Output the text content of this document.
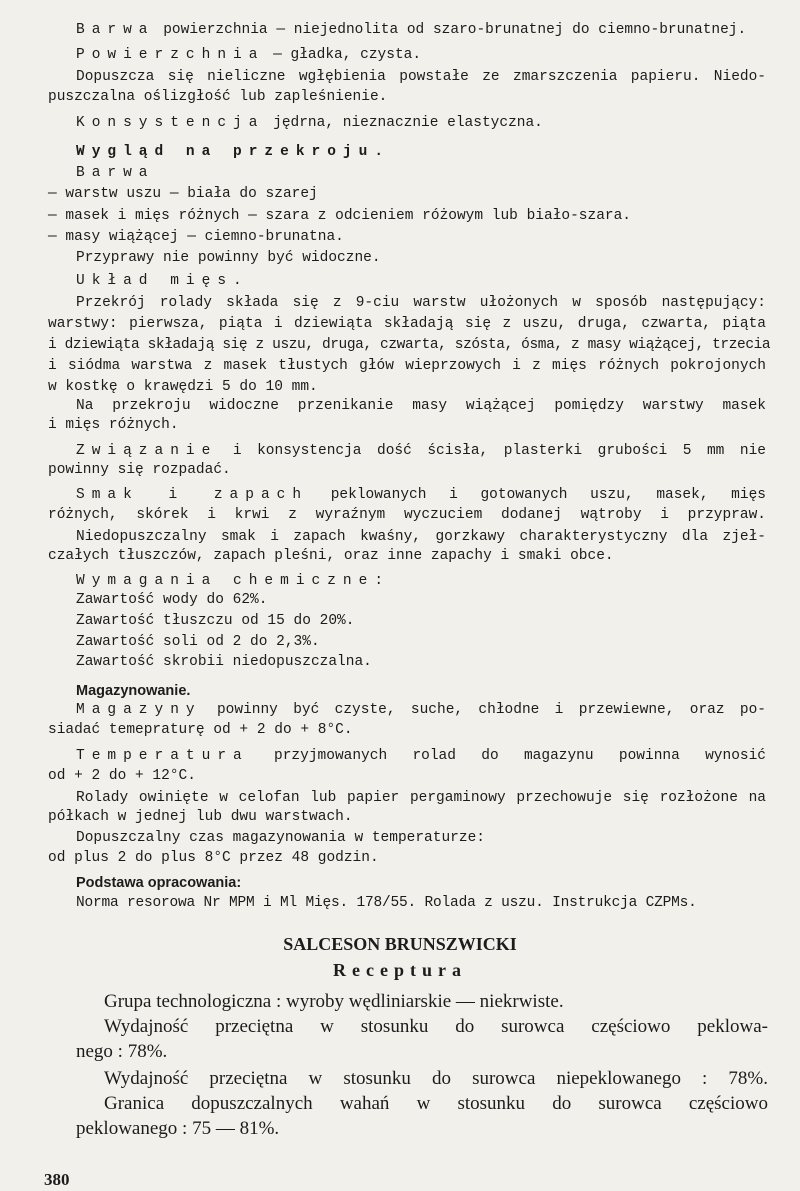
Barwa powierzchnia — niejednolita od szaro-brunatnej do ciemno-brunatnej.
Powierzchnia — gładka, czysta.
Dopuszcza się nieliczne wgłębienia powstałe ze zmarszczenia papieru. Niedo-
puszczalna oślizgłość lub zapleśnienie.
Konsystencja jędrna, nieznacznie elastyczna.
Wygląd na przekroju.
Barwa
— warstw uszu — biała do szarej
— masek i mięs różnych — szara z odcieniem różowym lub biało-szara.
— masy wiążącej — ciemno-brunatna.
Przyprawy nie powinny być widoczne.
Układ mięs.
Przekrój rolady składa się z 9-ciu warstw ułożonych w sposób następujący:
warstwy: pierwsza, piąta i dziewiąta składają się z uszu, druga, czwarta, piąta
i dziewiąta składają się z uszu, druga, czwarta, szósta, ósma, z masy wiążącej, trzecia
i siódma warstwa z masek tłustych głów wieprzowych i z mięs różnych pokrojonych
w kostkę o krawędzi 5 do 10 mm.
Na przekroju widoczne przenikanie masy wiążącej pomiędzy warstwy masek
i mięs różnych.
Związanie i konsystencja dość ścisła, plasterki grubości 5 mm nie
powinny się rozpadać.
Smak i zapach peklowanych i gotowanych uszu, masek, mięs
różnych, skórek i krwi z wyraźnym wyczuciem dodanej wątroby i przypraw.
Niedopuszczalny smak i zapach kwaśny, gorzkawy charakterystyczny dla zjeł-
czałych tłuszczów, zapach pleśni, oraz inne zapachy i smaki obce.
Wymagania chemiczne:
Zawartość wody do 62%.
Zawartość tłuszczu od 15 do 20%.
Zawartość soli od 2 do 2,3%.
Zawartość skrobii niedopuszczalna.
Magazynowanie.
Magazyny powinny być czyste, suche, chłodne i przewiewne, oraz po-
siadać temepraturę od + 2 do + 8°C.
Temperatura przyjmowanych rolad do magazynu powinna wynosić
od + 2 do + 12°C.
Rolady owinięte w celofan lub papier pergaminowy przechowuje się rozłożone na
półkach w jednej lub dwu warstwach.
Dopuszczalny czas magazynowania w temperaturze:
od plus 2 do plus 8°C przez 48 godzin.
Podstawa opracowania:
Norma resorowa Nr MPM i Ml Mięs. 178/55. Rolada z uszu. Instrukcja CZPMs.
SALCESON BRUNSZWICKI
Receptura
Grupa technologiczna : wyroby wędliniarskie — niekrwiste.
Wydajność przeciętna w stosunku do surowca częściowo peklowa-
nego : 78%.
Wydajność przeciętna w stosunku do surowca niepeklowanego : 78%.
Granica dopuszczalnych wahań w stosunku do surowca częściowo
peklowanego : 75 — 81%.
380
